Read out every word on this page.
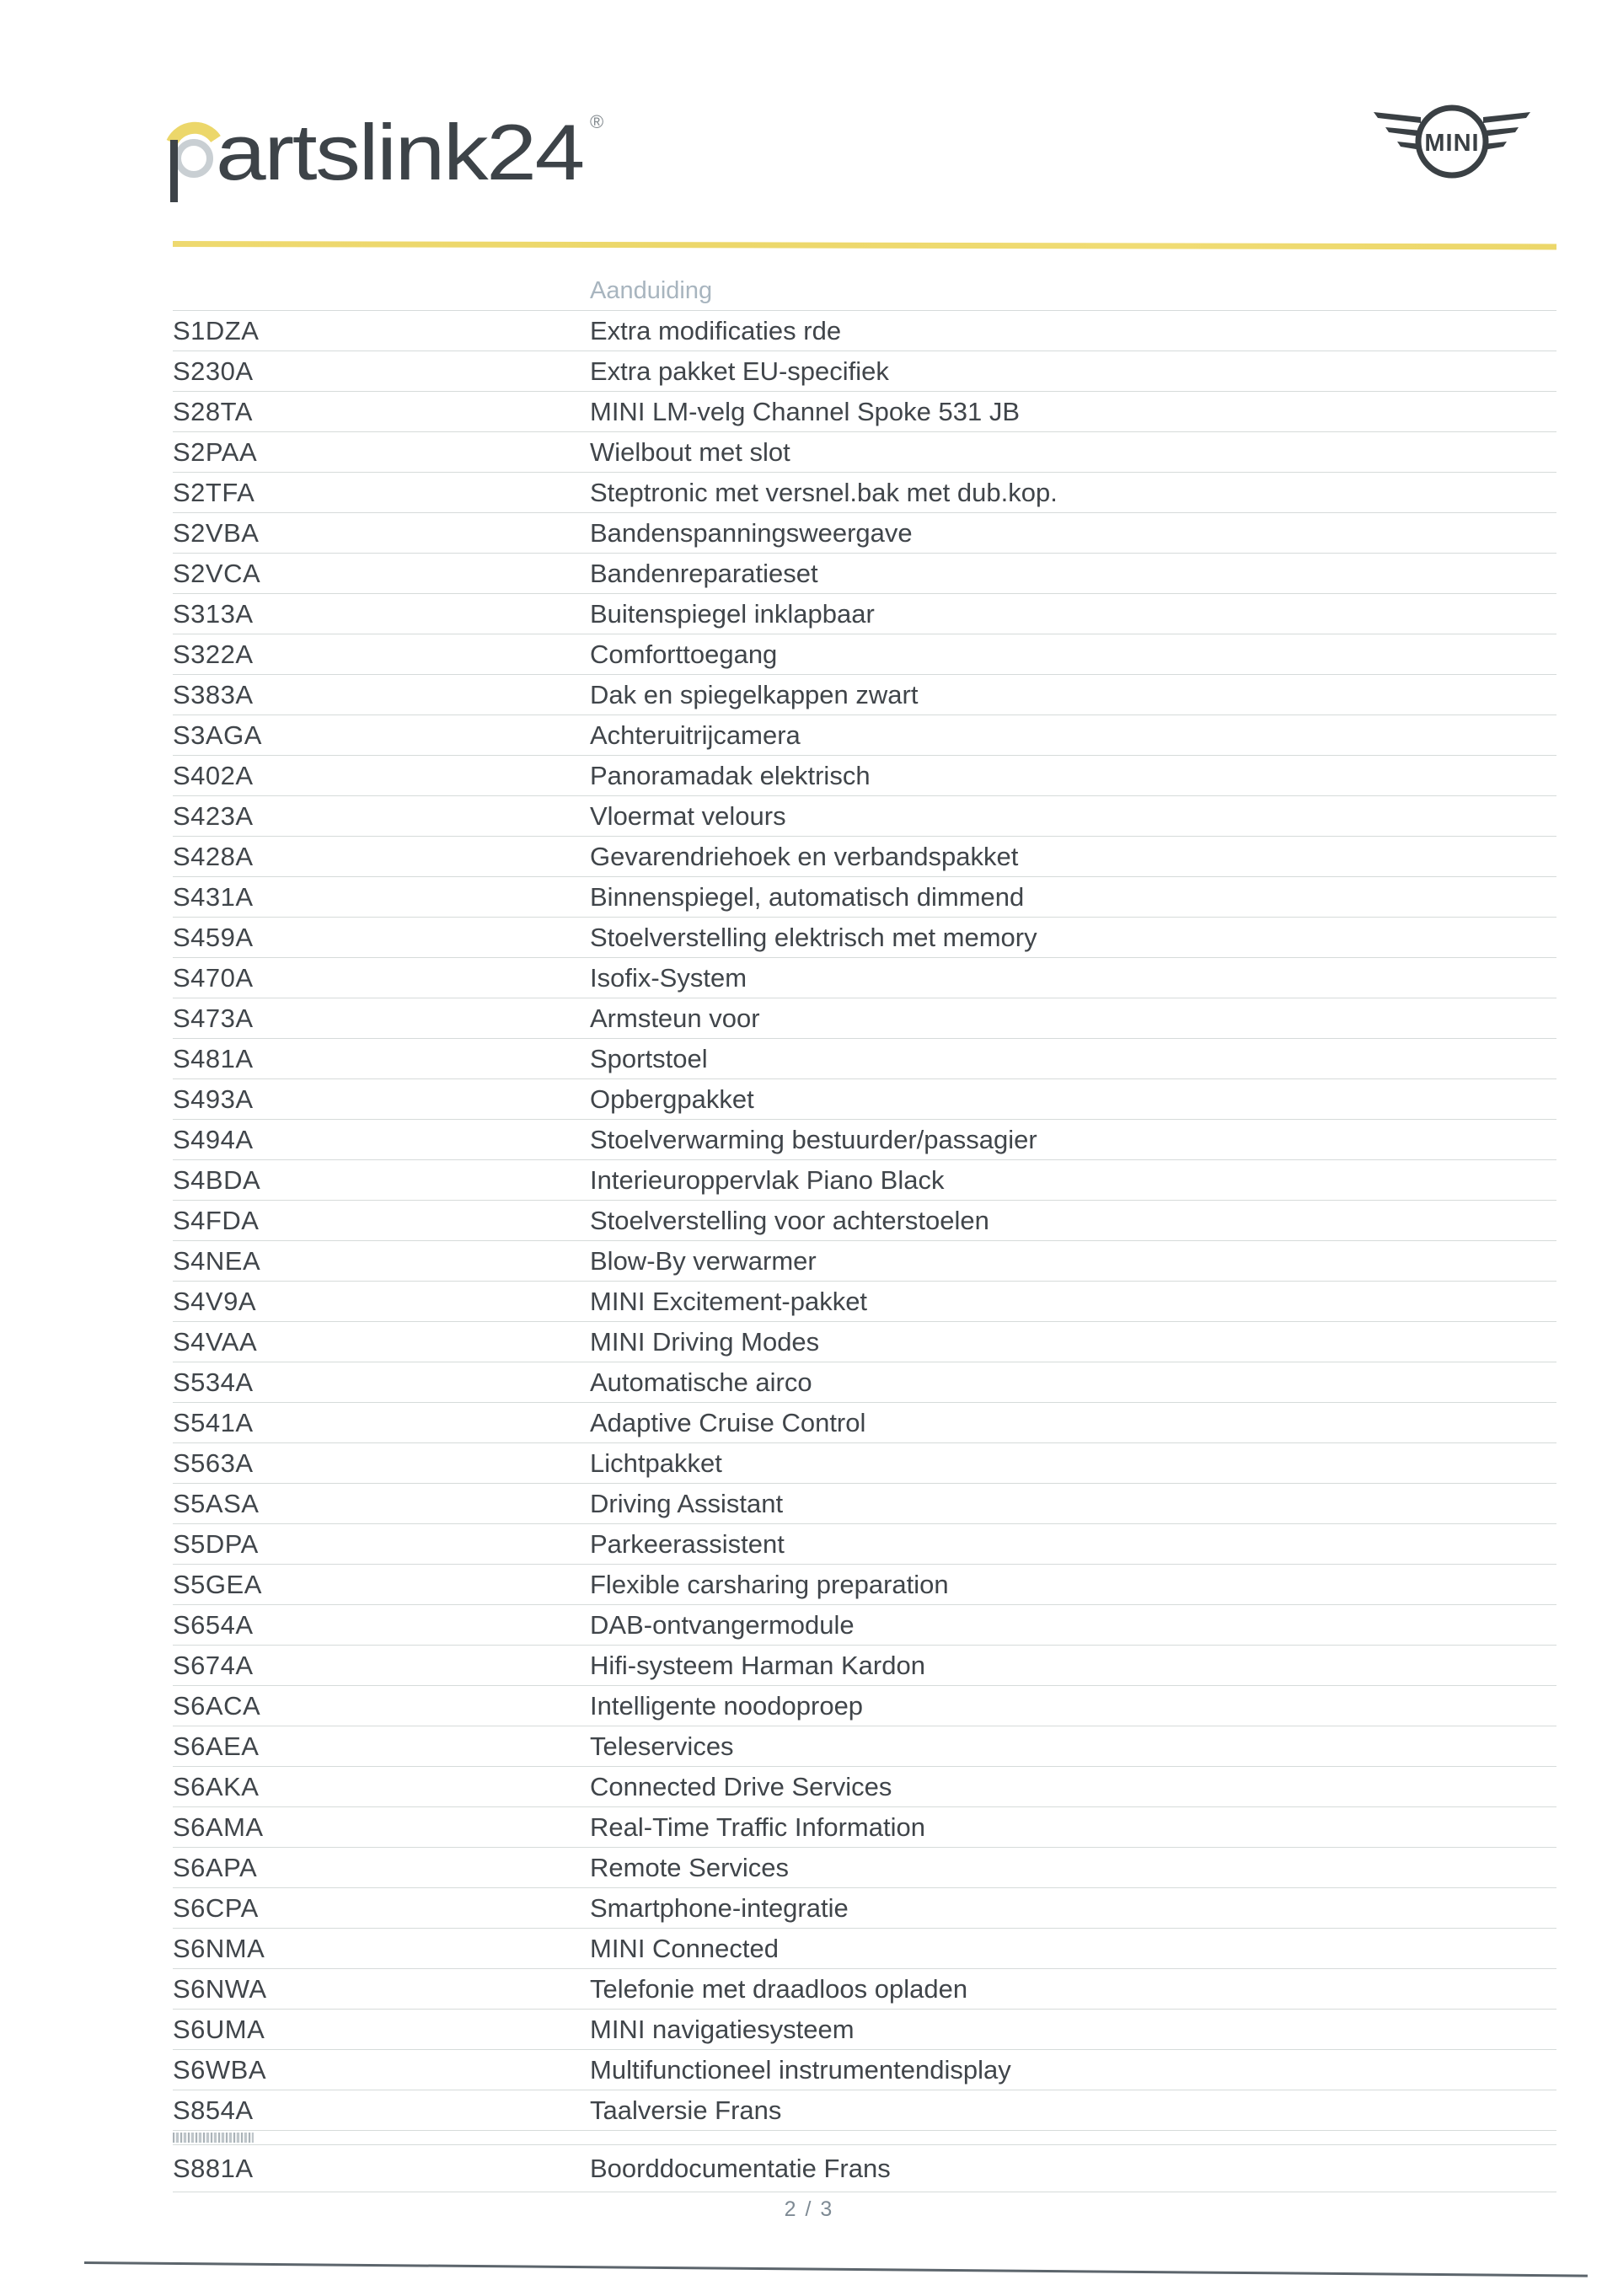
artslink24 ®
MINI
Aanduiding
S1DZA	Extra modificaties rde
S230A	Extra pakket EU-specifiek
S28TA	MINI LM-velg Channel Spoke 531 JB
S2PAA	Wielbout met slot
S2TFA	Steptronic met versnel.bak met dub.kop.
S2VBA	Bandenspanningsweergave
S2VCA	Bandenreparatieset
S313A	Buitenspiegel inklapbaar
S322A	Comforttoegang
S383A	Dak en spiegelkappen zwart
S3AGA	Achteruitrijcamera
S402A	Panoramadak elektrisch
S423A	Vloermat velours
S428A	Gevarendriehoek en verbandspakket
S431A	Binnenspiegel, automatisch dimmend
S459A	Stoelverstelling elektrisch met memory
S470A	Isofix-System
S473A	Armsteun voor
S481A	Sportstoel
S493A	Opbergpakket
S494A	Stoelverwarming bestuurder/passagier
S4BDA	Interieuroppervlak Piano Black
S4FDA	Stoelverstelling voor achterstoelen
S4NEA	Blow-By verwarmer
S4V9A	MINI Excitement-pakket
S4VAA	MINI Driving Modes
S534A	Automatische airco
S541A	Adaptive Cruise Control
S563A	Lichtpakket
S5ASA	Driving Assistant
S5DPA	Parkeerassistent
S5GEA	Flexible carsharing preparation
S654A	DAB-ontvangermodule
S674A	Hifi-systeem Harman Kardon
S6ACA	Intelligente noodoproep
S6AEA	Teleservices
S6AKA	Connected Drive Services
S6AMA	Real-Time Traffic Information
S6APA	Remote Services
S6CPA	Smartphone-integratie
S6NMA	MINI Connected
S6NWA	Telefonie met draadloos opladen
S6UMA	MINI navigatiesysteem
S6WBA	Multifunctioneel instrumentendisplay
S854A	Taalversie Frans
S881A	Boorddocumentatie Frans
2 / 3
